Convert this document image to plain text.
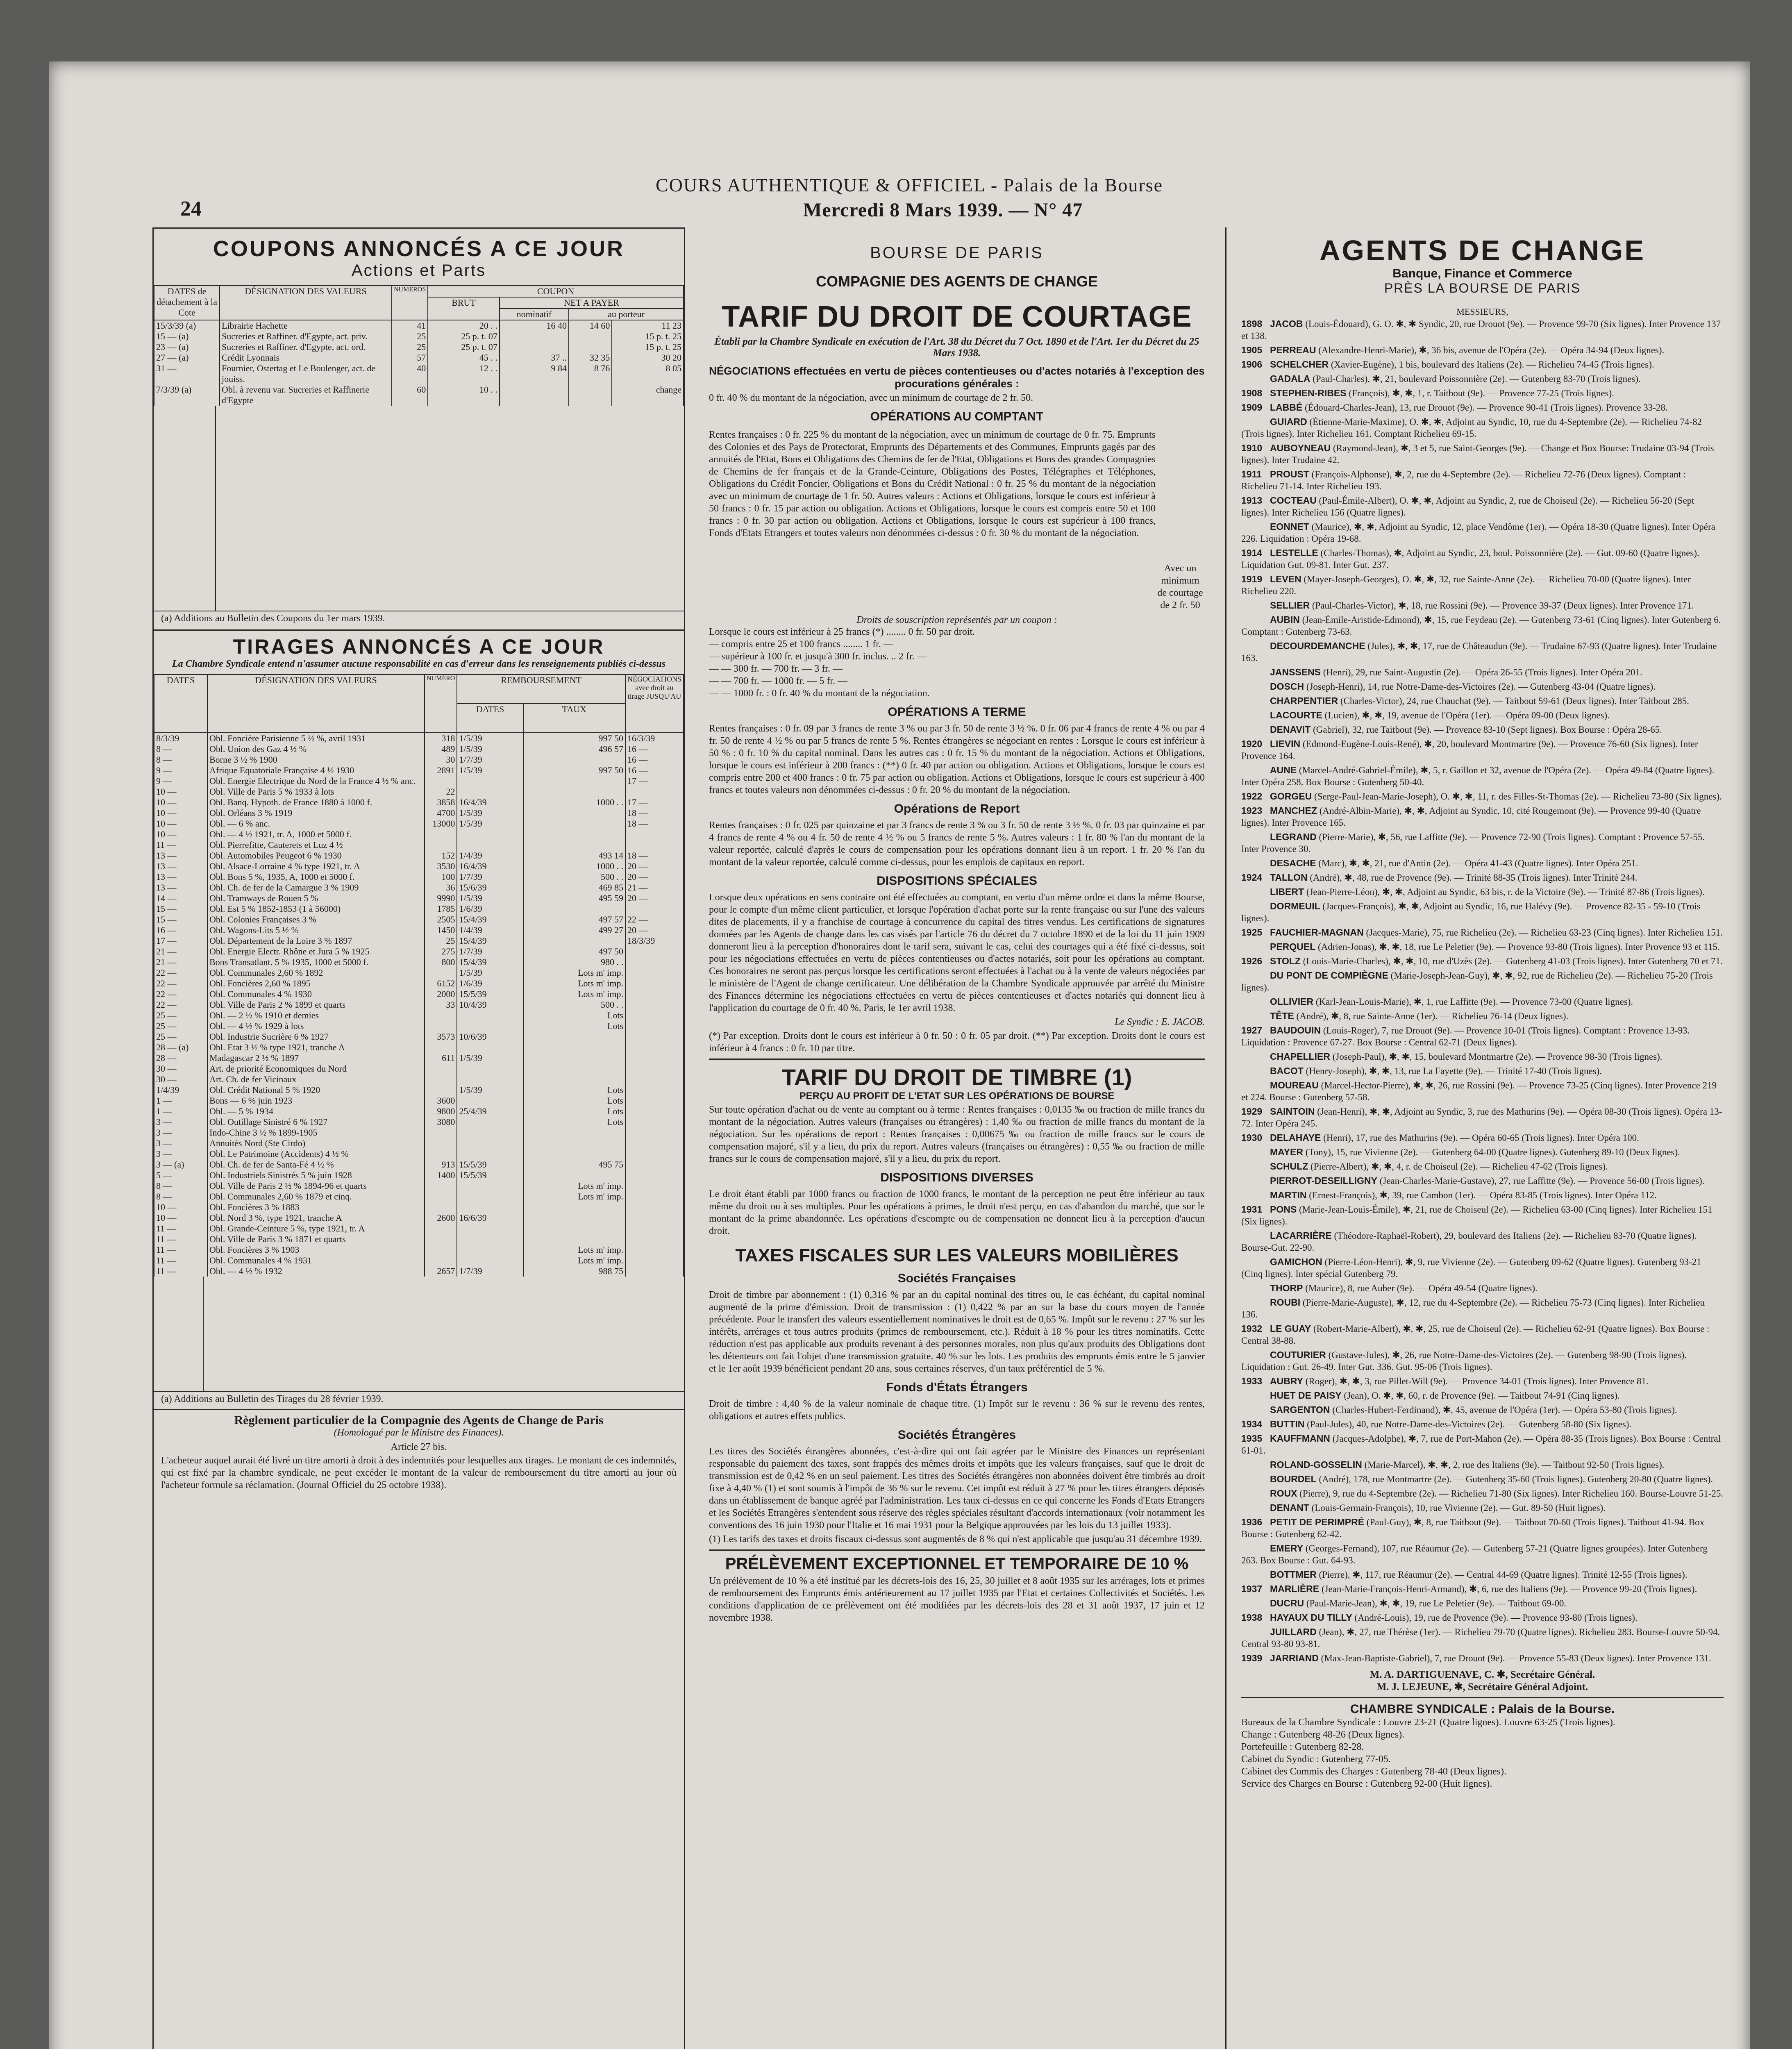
24
COURS AUTHENTIQUE & OFFICIEL - Palais de la Bourse
Mercredi 8 Mars 1939. — N° 47
COUPONS ANNONCÉS A CE JOUR
Actions et Parts
DATES de détachement à la Cote	DÉSIGNATION DES VALEURS	NUMÉROS	COUPON			
			BRUT	NET A PAYER		
				nominatif	au porteur	
15/3/39 (a)	Librairie Hachette	41	20 . .	16 40	14 60	11 23
15 — (a)	Sucreries et Raffiner. d'Egypte, act. priv.	25	25 p. t. 07			15 p. t. 25
23 — (a)	Sucreries et Raffiner. d'Egypte, act. ord.	25	25 p. t. 07			15 p. t. 25
27 — (a)	Crédit Lyonnais	57	45 . .	37 ..	32 35	30 20
31 —	Fournier, Ostertag et Le Boulenger, act. de jouiss.	40	12 . .	9 84	8 76	8 05
7/3/39 (a)	Obl. à revenu var. Sucreries et Raffinerie d'Egypte	60	10 . .			change
(a) Additions au Bulletin des Coupons du 1er mars 1939.
TIRAGES ANNONCÉS A CE JOUR
La Chambre Syndicale entend n'assumer aucune responsabilité en cas d'erreur dans les renseignements publiés ci-dessus
DATES	DÉSIGNATION DES VALEURS	NUMÉRO	REMBOURSEMENT		NÉGOCIATIONS avec droit au tirage JUSQU'AU
			DATES	TAUX	
8/3/39	Obl. Foncière Parisienne 5 ½ %, avril 1931	318	1/5/39	997 50	16/3/39
8 —	Obl. Union des Gaz 4 ½ %	489	1/5/39	496 57	16 —
8 —	Borne 3 ½ % 1900	30	1/7/39		16 —
9 —	Afrique Equatoriale Française 4 ½ 1930	2891	1/5/39	997 50	16 —
9 —	Obl. Energie Electrique du Nord de la France 4 ½ % anc.				17 —
10 —	Obl. Ville de Paris 5 % 1933 à lots	22			
10 —	Obl. Banq. Hypoth. de France 1880 à 1000 f.	3858	16/4/39	1000 . .	17 —
10 —	Obl. Orléans 3 % 1919	4700	1/5/39		18 —
10 —	Obl. — 6 % anc.	13000	1/5/39		18 —
10 —	Obl. — 4 ½ 1921, tr. A, 1000 et 5000 f.				
11 —	Obl. Pierrefitte, Cauterets et Luz 4 ½				
13 —	Obl. Automobiles Peugeot 6 % 1930	152	1/4/39	493 14	18 —
13 —	Obl. Alsace-Lorraine 4 % type 1921, tr. A	3530	16/4/39	1000 . .	20 —
13 —	Obl. Bons 5 %, 1935, A, 1000 et 5000 f.	100	1/7/39	500 . .	20 —
13 —	Obl. Ch. de fer de la Camargue 3 % 1909	36	15/6/39	469 85	21 —
14 —	Obl. Tramways de Rouen 5 %	9990	1/5/39	495 59	20 —
15 —	Obl. Est 5 % 1852-1853 (1 à 56000)	1785	1/6/39		
15 —	Obl. Colonies Françaises 3 %	2505	15/4/39	497 57	22 —
16 —	Obl. Wagons-Lits 5 ½ %	1450	1/4/39	499 27	20 —
17 —	Obl. Département de la Loire 3 % 1897	25	15/4/39		18/3/39
21 —	Obl. Energie Electr. Rhône et Jura 5 % 1925	275	1/7/39	497 50	
21 —	Bons Transatlant. 5 % 1935, 1000 et 5000 f.	800	15/4/39	980 . .	
22 —	Obl. Communales 2,60 % 1892		1/5/39	Lots m' imp.	
22 —	Obl. Foncières 2,60 % 1895	6152	1/6/39	Lots m' imp.	
22 —	Obl. Communales 4 % 1930	2000	15/5/39	Lots m' imp.	
22 —	Obl. Ville de Paris 2 % 1899 et quarts	33	10/4/39	500 . .	
25 —	Obl. — 2 ½ % 1910 et demies			Lots	
25 —	Obl. — 4 ½ % 1929 à lots			Lots	
25 —	Obl. Industrie Sucrière 6 % 1927	3573	10/6/39		
28 — (a)	Obl. Etat 3 ½ % type 1921, tranche A				
28 —	Madagascar 2 ½ % 1897	611	1/5/39		
30 —	Art. de priorité Economiques du Nord				
30 —	Art. Ch. de fer Vicinaux				
1/4/39	Obl. Crédit National 5 % 1920		1/5/39	Lots	
1 —	Bons — 6 % juin 1923	3600		Lots	
1 —	Obl. — 5 % 1934	9800	25/4/39	Lots	
3 —	Obl. Outillage Sinistré 6 % 1927	3080		Lots	
3 —	Indo-Chine 3 ½ % 1899-1905				
3 —	Annuités Nord (Ste Cirdo)				
3 —	Obl. Le Patrimoine (Accidents) 4 ½ %				
3 — (a)	Obl. Ch. de fer de Santa-Fé 4 ½ %	913	15/5/39	495 75	
5 —	Obl. Industriels Sinistrés 5 % juin 1928	1400	15/5/39		
8 —	Obl. Ville de Paris 2 ½ % 1894-96 et quarts			Lots m' imp.	
8 —	Obl. Communales 2,60 % 1879 et cinq.			Lots m' imp.	
10 —	Obl. Foncières 3 % 1883				
10 —	Obl. Nord 3 %, type 1921, tranche A	2600	16/6/39		
11 —	Obl. Grande-Ceinture 5 %, type 1921, tr. A				
11 —	Obl. Ville de Paris 3 % 1871 et quarts				
11 —	Obl. Foncières 3 % 1903			Lots m' imp.	
11 —	Obl. Communales 4 % 1931			Lots m' imp.	
11 —	Obl. — 4 ½ % 1932	2657	1/7/39	988 75	
(a) Additions au Bulletin des Tirages du 28 février 1939.
Règlement particulier de la Compagnie des Agents de Change de Paris
(Homologué par le Ministre des Finances).
Article 27 bis.
L'acheteur auquel aurait été livré un titre amorti à droit à des indemnités pour lesquelles aux tirages. Le montant de ces indemnités, qui est fixé par la chambre syndicale, ne peut excéder le montant de la valeur de remboursement du titre amorti au jour où l'acheteur formule sa réclamation. (Journal Officiel du 25 octobre 1938).
BOURSE DE PARIS
COMPAGNIE DES AGENTS DE CHANGE
TARIF DU DROIT DE COURTAGE
Établi par la Chambre Syndicale en exécution de l'Art. 38 du Décret du 7 Oct. 1890 et de l'Art. 1er du Décret du 25 Mars 1938.
NÉGOCIATIONS effectuées en vertu de pièces contentieuses ou d'actes notariés à l'exception des procurations générales :
0 fr. 40 % du montant de la négociation, avec un minimum de courtage de 2 fr. 50.
OPÉRATIONS AU COMPTANT
Rentes françaises : 0 fr. 225 % du montant de la négociation, avec un minimum de courtage de 0 fr. 75. Emprunts des Colonies et des Pays de Protectorat, Emprunts des Départements et des Communes, Emprunts gagés par des annuités de l'Etat, Bons et Obligations des Chemins de fer de l'Etat, Obligations et Bons des grandes Compagnies de Chemins de fer français et de la Grande-Ceinture, Obligations des Postes, Télégraphes et Téléphones, Obligations du Crédit Foncier, Obligations et Bons du Crédit National : 0 fr. 25 % du montant de la négociation avec un minimum de courtage de 1 fr. 50. Autres valeurs : Actions et Obligations, lorsque le cours est inférieur à 50 francs : 0 fr. 15 par action ou obligation. Actions et Obligations, lorsque le cours est compris entre 50 et 100 francs : 0 fr. 30 par action ou obligation. Actions et Obligations, lorsque le cours est supérieur à 100 francs, Fonds d'Etats Etrangers et toutes valeurs non dénommées ci-dessus : 0 fr. 30 % du montant de la négociation.
Avec un minimum de courtage de 2 fr. 50
Droits de souscription représentés par un coupon :
Lorsque le cours est inférieur à 25 francs (*) ........ 0 fr. 50 par droit.
— compris entre 25 et 100 francs ........ 1 fr. —
— supérieur à 100 fr. et jusqu'à 300 fr. inclus. .. 2 fr. —
— — 300 fr. — 700 fr. — 3 fr. —
— — 700 fr. — 1000 fr. — 5 fr. —
— — 1000 fr. : 0 fr. 40 % du montant de la négociation.
OPÉRATIONS A TERME
Rentes françaises : 0 fr. 09 par 3 francs de rente 3 % ou par 3 fr. 50 de rente 3 ½ %. 0 fr. 06 par 4 francs de rente 4 % ou par 4 fr. 50 de rente 4 ½ % ou par 5 francs de rente 5 %. Rentes étrangères se négociant en rentes : Lorsque le cours est inférieur à 50 % : 0 fr. 10 % du capital nominal. Dans les autres cas : 0 fr. 15 % du montant de la négociation. Actions et Obligations, lorsque le cours est inférieur à 200 francs : (**) 0 fr. 40 par action ou obligation. Actions et Obligations, lorsque le cours est compris entre 200 et 400 francs : 0 fr. 75 par action ou obligation. Actions et Obligations, lorsque le cours est supérieur à 400 francs et toutes valeurs non dénommées ci-dessus : 0 fr. 20 % du montant de la négociation.
Opérations de Report
Rentes françaises : 0 fr. 025 par quinzaine et par 3 francs de rente 3 % ou 3 fr. 50 de rente 3 ½ %. 0 fr. 03 par quinzaine et par 4 francs de rente 4 % ou 4 fr. 50 de rente 4 ½ % ou 5 francs de rente 5 %. Autres valeurs : 1 fr. 80 % l'an du montant de la valeur reportée, calculé d'après le cours de compensation pour les opérations donnant lieu à un report. 1 fr. 20 % l'an du montant de la valeur reportée, calculé comme ci-dessus, pour les emplois de capitaux en report.
DISPOSITIONS SPÉCIALES
Lorsque deux opérations en sens contraire ont été effectuées au comptant, en vertu d'un même ordre et dans la même Bourse, pour le compte d'un même client particulier, et lorsque l'opération d'achat porte sur la rente française ou sur l'une des valeurs dites de placements, il y a franchise de courtage à concurrence du capital des titres vendus. Les certifications de signatures données par les Agents de change dans les cas visés par l'article 76 du décret du 7 octobre 1890 et de la loi du 11 juin 1909 donneront lieu à la perception d'honoraires dont le tarif sera, suivant le cas, celui des courtages qui a été fixé ci-dessus, soit pour les négociations effectuées en vertu de pièces contentieuses ou d'actes notariés, soit pour les opérations au comptant. Ces honoraires ne seront pas perçus lorsque les certifications seront effectuées à l'achat ou à la vente de valeurs négociées par le ministère de l'Agent de change certificateur. Une délibération de la Chambre Syndicale approuvée par arrêté du Ministre des Finances détermine les négociations effectuées en vertu de pièces contentieuses et d'actes notariés qui donnent lieu à l'application du courtage de 0 fr. 40 %. Paris, le 1er avril 1938.
Le Syndic : E. JACOB.
(*) Par exception. Droits dont le cours est inférieur à 0 fr. 50 : 0 fr. 05 par droit. (**) Par exception. Droits dont le cours est inférieur à 4 francs : 0 fr. 10 par titre.
TARIF DU DROIT DE TIMBRE (1)
PERÇU AU PROFIT DE L'ETAT SUR LES OPÉRATIONS DE BOURSE
Sur toute opération d'achat ou de vente au comptant ou à terme : Rentes françaises : 0,0135 ‰ ou fraction de mille francs du montant de la négociation. Autres valeurs (françaises ou étrangères) : 1,40 ‰ ou fraction de mille francs du montant de la négociation. Sur les opérations de report : Rentes françaises : 0,00675 ‰ ou fraction de mille francs sur le cours de compensation majoré, s'il y a lieu, du prix du report. Autres valeurs (françaises ou étrangères) : 0,55 ‰ ou fraction de mille francs sur le cours de compensation majoré, s'il y a lieu, du prix du report.
DISPOSITIONS DIVERSES
Le droit étant établi par 1000 francs ou fraction de 1000 francs, le montant de la perception ne peut être inférieur au taux même du droit ou à ses multiples. Pour les opérations à primes, le droit n'est perçu, en cas d'abandon du marché, que sur le montant de la prime abandonnée. Les opérations d'escompte ou de compensation ne donnent lieu à la perception d'aucun droit.
TAXES FISCALES SUR LES VALEURS MOBILIÈRES
Sociétés Françaises
Droit de timbre par abonnement : (1) 0,316 % par an du capital nominal des titres ou, le cas échéant, du capital nominal augmenté de la prime d'émission. Droit de transmission : (1) 0,422 % par an sur la base du cours moyen de l'année précédente. Pour le transfert des valeurs essentiellement nominatives le droit est de 0,65 %. Impôt sur le revenu : 27 % sur les intérêts, arrérages et tous autres produits (primes de remboursement, etc.). Réduit à 18 % pour les titres nominatifs. Cette réduction n'est pas applicable aux produits revenant à des personnes morales, non plus qu'aux produits des Obligations dont les détenteurs ont fait l'objet d'une transmission gratuite. 40 % sur les lots. Les produits des emprunts émis entre le 5 janvier et le 1er août 1939 bénéficient pendant 20 ans, sous certaines réserves, d'un taux préférentiel de 5 %.
Fonds d'États Étrangers
Droit de timbre : 4,40 % de la valeur nominale de chaque titre. (1) Impôt sur le revenu : 36 % sur le revenu des rentes, obligations et autres effets publics.
Sociétés Étrangères
Les titres des Sociétés étrangères abonnées, c'est-à-dire qui ont fait agréer par le Ministre des Finances un représentant responsable du paiement des taxes, sont frappés des mêmes droits et impôts que les valeurs françaises, sauf que le droit de transmission est de 0,42 % en un seul paiement. Les titres des Sociétés étrangères non abonnées doivent être timbrés au droit fixe à 4,40 % (1) et sont soumis à l'impôt de 36 % sur le revenu. Cet impôt est réduit à 27 % pour les titres étrangers déposés dans un établissement de banque agréé par l'administration. Les taux ci-dessus en ce qui concerne les Fonds d'Etats Etrangers et les Sociétés Etrangères s'entendent sous réserve des règles spéciales résultant d'accords internationaux (voir notamment les conventions des 16 juin 1930 pour l'Italie et 16 mai 1931 pour la Belgique approuvées par les lois du 13 juillet 1933).
(1) Les tarifs des taxes et droits fiscaux ci-dessus sont augmentés de 8 % qui n'est applicable que jusqu'au 31 décembre 1939.
PRÉLÈVEMENT EXCEPTIONNEL ET TEMPORAIRE DE 10 %
Un prélèvement de 10 % a été institué par les décrets-lois des 16, 25, 30 juillet et 8 août 1935 sur les arrérages, lots et primes de remboursement des Emprunts émis antérieurement au 17 juillet 1935 par l'Etat et certaines Collectivités et Sociétés. Les conditions d'application de ce prélèvement ont été modifiées par les décrets-lois des 28 et 31 août 1937, 17 juin et 12 novembre 1938.
AGENTS DE CHANGE
Banque, Finance et Commerce
PRÈS LA BOURSE DE PARIS
MESSIEURS,
1898 JACOB (Louis-Édouard), G. O. ✱, ✱ Syndic, 20, rue Drouot (9e). — Provence 99-70 (Six lignes). Inter Provence 137 et 138.
1905 PERREAU (Alexandre-Henri-Marie), ✱, 36 bis, avenue de l'Opéra (2e). — Opéra 34-94 (Deux lignes).
1906 SCHELCHER (Xavier-Eugène), 1 bis, boulevard des Italiens (2e). — Richelieu 74-45 (Trois lignes).
GADALA (Paul-Charles), ✱, 21, boulevard Poissonnière (2e). — Gutenberg 83-70 (Trois lignes).
1908 STEPHEN-RIBES (François), ✱, ✱, 1, r. Taitbout (9e). — Provence 77-25 (Trois lignes).
1909 LABBÉ (Édouard-Charles-Jean), 13, rue Drouot (9e). — Provence 90-41 (Trois lignes). Provence 33-28.
GUIARD (Étienne-Marie-Maxime), O. ✱, ✱, Adjoint au Syndic, 10, rue du 4-Septembre (2e). — Richelieu 74-82 (Trois lignes). Inter Richelieu 161. Comptant Richelieu 69-15.
1910 AUBOYNEAU (Raymond-Jean), ✱, 3 et 5, rue Saint-Georges (9e). — Change et Box Bourse: Trudaine 03-94 (Trois lignes). Inter Trudaine 42.
1911 PROUST (François-Alphonse), ✱, 2, rue du 4-Septembre (2e). — Richelieu 72-76 (Deux lignes). Comptant : Richelieu 71-14. Inter Richelieu 193.
1913 COCTEAU (Paul-Émile-Albert), O. ✱, ✱, Adjoint au Syndic, 2, rue de Choiseul (2e). — Richelieu 56-20 (Sept lignes). Inter Richelieu 156 (Quatre lignes).
EONNET (Maurice), ✱, ✱, Adjoint au Syndic, 12, place Vendôme (1er). — Opéra 18-30 (Quatre lignes). Inter Opéra 226. Liquidation : Opéra 19-68.
1914 LESTELLE (Charles-Thomas), ✱, Adjoint au Syndic, 23, boul. Poissonnière (2e). — Gut. 09-60 (Quatre lignes). Liquidation Gut. 09-81. Inter Gut. 237.
1919 LEVEN (Mayer-Joseph-Georges), O. ✱, ✱, 32, rue Sainte-Anne (2e). — Richelieu 70-00 (Quatre lignes). Inter Richelieu 220.
SELLIER (Paul-Charles-Victor), ✱, 18, rue Rossini (9e). — Provence 39-37 (Deux lignes). Inter Provence 171.
AUBIN (Jean-Émile-Aristide-Edmond), ✱, 15, rue Feydeau (2e). — Gutenberg 73-61 (Cinq lignes). Inter Gutenberg 6. Comptant : Gutenberg 73-63.
DECOURDEMANCHE (Jules), ✱, ✱, 17, rue de Châteaudun (9e). — Trudaine 67-93 (Quatre lignes). Inter Trudaine 163.
JANSSENS (Henri), 29, rue Saint-Augustin (2e). — Opéra 26-55 (Trois lignes). Inter Opéra 201.
DOSCH (Joseph-Henri), 14, rue Notre-Dame-des-Victoires (2e). — Gutenberg 43-04 (Quatre lignes).
CHARPENTIER (Charles-Victor), 24, rue Chauchat (9e). — Taitbout 59-61 (Deux lignes). Inter Taitbout 285.
LACOURTE (Lucien), ✱, ✱, 19, avenue de l'Opéra (1er). — Opéra 09-00 (Deux lignes).
DENAVIT (Gabriel), 32, rue Taitbout (9e). — Provence 83-10 (Sept lignes). Box Bourse : Opéra 28-65.
1920 LIEVIN (Edmond-Eugène-Louis-René), ✱, 20, boulevard Montmartre (9e). — Provence 76-60 (Six lignes). Inter Provence 164.
AUNE (Marcel-André-Gabriel-Émile), ✱, 5, r. Gaillon et 32, avenue de l'Opéra (2e). — Opéra 49-84 (Quatre lignes). Inter Opéra 258. Box Bourse : Gutenberg 50-40.
1922 GORGEU (Serge-Paul-Jean-Marie-Joseph), O. ✱, ✱, 11, r. des Filles-St-Thomas (2e). — Richelieu 73-80 (Six lignes).
1923 MANCHEZ (André-Albin-Marie), ✱, ✱, Adjoint au Syndic, 10, cité Rougemont (9e). — Provence 99-40 (Quatre lignes). Inter Provence 165.
LEGRAND (Pierre-Marie), ✱, 56, rue Laffitte (9e). — Provence 72-90 (Trois lignes). Comptant : Provence 57-55. Inter Provence 30.
DESACHE (Marc), ✱, ✱, 21, rue d'Antin (2e). — Opéra 41-43 (Quatre lignes). Inter Opéra 251.
1924 TALLON (André), ✱, 48, rue de Provence (9e). — Trinité 88-35 (Trois lignes). Inter Trinité 244.
LIBERT (Jean-Pierre-Léon), ✱, ✱, Adjoint au Syndic, 63 bis, r. de la Victoire (9e). — Trinité 87-86 (Trois lignes).
DORMEUIL (Jacques-François), ✱, ✱, Adjoint au Syndic, 16, rue Halévy (9e). — Provence 82-35 - 59-10 (Trois lignes).
1925 FAUCHIER-MAGNAN (Jacques-Marie), 75, rue Richelieu (2e). — Richelieu 63-23 (Cinq lignes). Inter Richelieu 151.
PERQUEL (Adrien-Jonas), ✱, ✱, 18, rue Le Peletier (9e). — Provence 93-80 (Trois lignes). Inter Provence 93 et 115.
1926 STOLZ (Louis-Marie-Charles), ✱, ✱, 10, rue d'Uzès (2e). — Gutenberg 41-03 (Trois lignes). Inter Gutenberg 70 et 71.
DU PONT DE COMPIÈGNE (Marie-Joseph-Jean-Guy), ✱, ✱, 92, rue de Richelieu (2e). — Richelieu 75-20 (Trois lignes).
OLLIVIER (Karl-Jean-Louis-Marie), ✱, 1, rue Laffitte (9e). — Provence 73-00 (Quatre lignes).
TÊTE (André), ✱, 8, rue Sainte-Anne (1er). — Richelieu 76-14 (Deux lignes).
1927 BAUDOUIN (Louis-Roger), 7, rue Drouot (9e). — Provence 10-01 (Trois lignes). Comptant : Provence 13-93. Liquidation : Provence 67-27. Box Bourse : Central 62-71 (Deux lignes).
CHAPELLIER (Joseph-Paul), ✱, ✱, 15, boulevard Montmartre (2e). — Provence 98-30 (Trois lignes).
BACOT (Henry-Joseph), ✱, ✱, 13, rue La Fayette (9e). — Trinité 17-40 (Trois lignes).
MOUREAU (Marcel-Hector-Pierre), ✱, ✱, 26, rue Rossini (9e). — Provence 73-25 (Cinq lignes). Inter Provence 219 et 224. Bourse : Gutenberg 57-58.
1929 SAINTOIN (Jean-Henri), ✱, ✱, Adjoint au Syndic, 3, rue des Mathurins (9e). — Opéra 08-30 (Trois lignes). Opéra 13-72. Inter Opéra 245.
1930 DELAHAYE (Henri), 17, rue des Mathurins (9e). — Opéra 60-65 (Trois lignes). Inter Opéra 100.
MAYER (Tony), 15, rue Vivienne (2e). — Gutenberg 64-00 (Quatre lignes). Gutenberg 89-10 (Deux lignes).
SCHULZ (Pierre-Albert), ✱, ✱, 4, r. de Choiseul (2e). — Richelieu 47-62 (Trois lignes).
PIERROT-DESEILLIGNY (Jean-Charles-Marie-Gustave), 27, rue Laffitte (9e). — Provence 56-00 (Trois lignes).
MARTIN (Ernest-François), ✱, 39, rue Cambon (1er). — Opéra 83-85 (Trois lignes). Inter Opéra 112.
1931 PONS (Marie-Jean-Louis-Émile), ✱, 21, rue de Choiseul (2e). — Richelieu 63-00 (Cinq lignes). Inter Richelieu 151 (Six lignes).
LACARRIÈRE (Théodore-Raphaël-Robert), 29, boulevard des Italiens (2e). — Richelieu 83-70 (Quatre lignes). Bourse-Gut. 22-90.
GAMICHON (Pierre-Léon-Henri), ✱, 9, rue Vivienne (2e). — Gutenberg 09-62 (Quatre lignes). Gutenberg 93-21 (Cinq lignes). Inter spécial Gutenberg 79.
THORP (Maurice), 8, rue Auber (9e). — Opéra 49-54 (Quatre lignes).
ROUBI (Pierre-Marie-Auguste), ✱, 12, rue du 4-Septembre (2e). — Richelieu 75-73 (Cinq lignes). Inter Richelieu 136.
1932 LE GUAY (Robert-Marie-Albert), ✱, ✱, 25, rue de Choiseul (2e). — Richelieu 62-91 (Quatre lignes). Box Bourse : Central 38-88.
COUTURIER (Gustave-Jules), ✱, 26, rue Notre-Dame-des-Victoires (2e). — Gutenberg 98-90 (Trois lignes). Liquidation : Gut. 26-49. Inter Gut. 336. Gut. 95-06 (Trois lignes).
1933 AUBRY (Roger), ✱, ✱, 3, rue Pillet-Will (9e). — Provence 34-01 (Trois lignes). Inter Provence 81.
HUET DE PAISY (Jean), O. ✱, ✱, 60, r. de Provence (9e). — Taitbout 74-91 (Cinq lignes).
SARGENTON (Charles-Hubert-Ferdinand), ✱, 45, avenue de l'Opéra (1er). — Opéra 53-80 (Trois lignes).
1934 BUTTIN (Paul-Jules), 40, rue Notre-Dame-des-Victoires (2e). — Gutenberg 58-80 (Six lignes).
1935 KAUFFMANN (Jacques-Adolphe), ✱, 7, rue de Port-Mahon (2e). — Opéra 88-35 (Trois lignes). Box Bourse : Central 61-01.
ROLAND-GOSSELIN (Marie-Marcel), ✱, ✱, 2, rue des Italiens (9e). — Taitbout 92-50 (Trois lignes).
BOURDEL (André), 178, rue Montmartre (2e). — Gutenberg 35-60 (Trois lignes). Gutenberg 20-80 (Quatre lignes).
ROUX (Pierre), 9, rue du 4-Septembre (2e). — Richelieu 71-80 (Six lignes). Inter Richelieu 160. Bourse-Louvre 51-25.
DENANT (Louis-Germain-François), 10, rue Vivienne (2e). — Gut. 89-50 (Huit lignes).
1936 PETIT DE PERIMPRÉ (Paul-Guy), ✱, 8, rue Taitbout (9e). — Taitbout 70-60 (Trois lignes). Taitbout 41-94. Box Bourse : Gutenberg 62-42.
EMERY (Georges-Fernand), 107, rue Réaumur (2e). — Gutenberg 57-21 (Quatre lignes groupées). Inter Gutenberg 263. Box Bourse : Gut. 64-93.
BOTTMER (Pierre), ✱, 117, rue Réaumur (2e). — Central 44-69 (Quatre lignes). Trinité 12-55 (Trois lignes).
1937 MARLIÈRE (Jean-Marie-François-Henri-Armand), ✱, 6, rue des Italiens (9e). — Provence 99-20 (Trois lignes).
DUCRU (Paul-Marie-Jean), ✱, ✱, 19, rue Le Peletier (9e). — Taitbout 69-00.
1938 HAYAUX DU TILLY (André-Louis), 19, rue de Provence (9e). — Provence 93-80 (Trois lignes).
JUILLARD (Jean), ✱, 27, rue Thérèse (1er). — Richelieu 79-70 (Quatre lignes). Richelieu 283. Bourse-Louvre 50-94. Central 93-80 93-81.
1939 JARRIAND (Max-Jean-Baptiste-Gabriel), 7, rue Drouot (9e). — Provence 55-83 (Deux lignes). Inter Provence 131.
M. A. DARTIGUENAVE, C. ✱, Secrétaire Général.
M. J. LEJEUNE, ✱, Secrétaire Général Adjoint.
CHAMBRE SYNDICALE : Palais de la Bourse.
Bureaux de la Chambre Syndicale : Louvre 23-21 (Quatre lignes). Louvre 63-25 (Trois lignes).
Change : Gutenberg 48-26 (Deux lignes).
Portefeuille : Gutenberg 82-28.
Cabinet du Syndic : Gutenberg 77-05.
Cabinet des Commis des Charges : Gutenberg 78-40 (Deux lignes).
Service des Charges en Bourse : Gutenberg 92-00 (Huit lignes).
